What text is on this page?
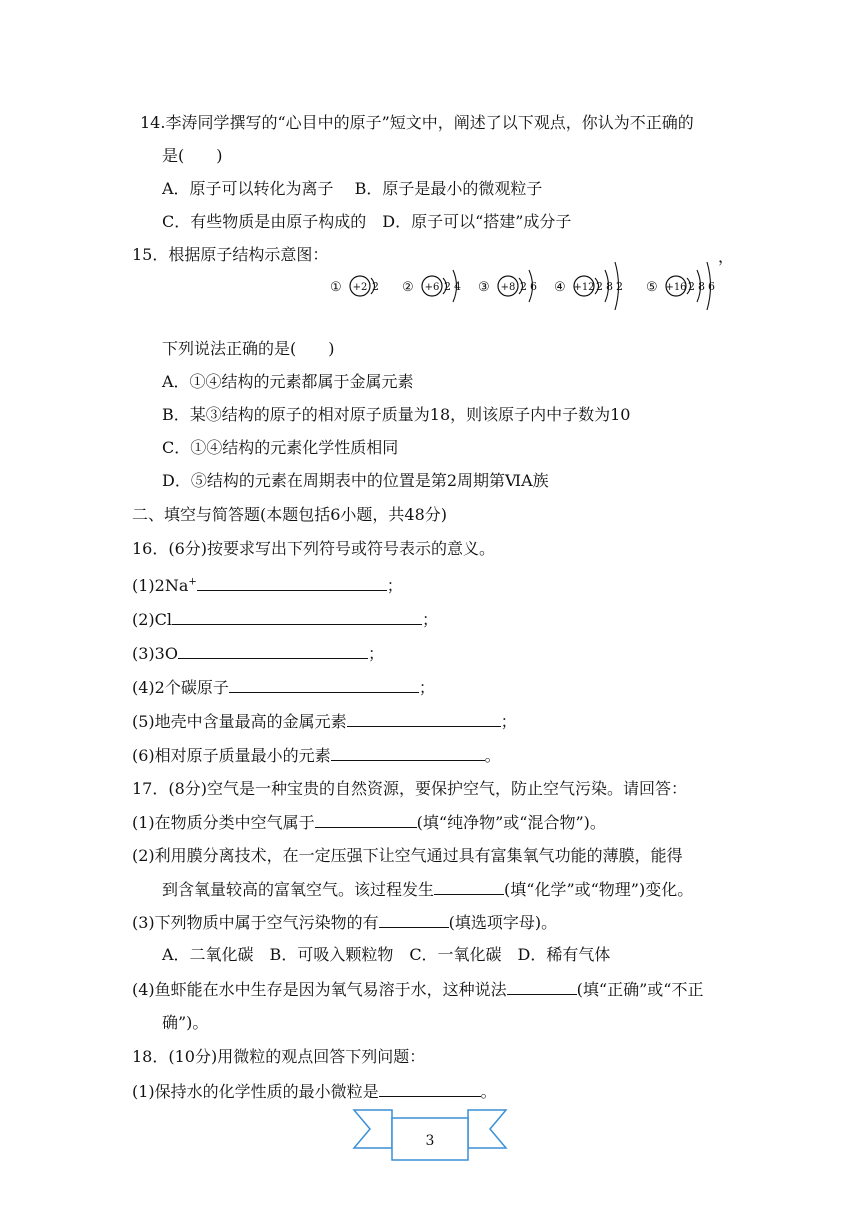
14.李涛同学撰写的“心目中的原子”短文中，阐述了以下观点，你认为不正确的
是(　　)
A．原子可以转化为离子　 B．原子是最小的微观粒子
C．有些物质是由原子构成的　D．原子可以“搭建”成分子
15．根据原子结构示意图：	，
① +2 2 ② +6 2 4 ③ +8 2 6 ④ +12 2 8 2 ⑤ +16 2 8 6
下列说法正确的是(　　)
A．①④结构的元素都属于金属元素
B．某③结构的原子的相对原子质量为18，则该原子内中子数为10
C．①④结构的元素化学性质相同
D．⑤结构的元素在周期表中的位置是第2周期第ⅥA族
二、填空与简答题(本题包括6小题，共48分)
16．(6分)按要求写出下列符号或符号表示的意义。
(1)2Na+	；
(2)Cl	；
(3)3O	；
(4)2个碳原子	；
(5)地壳中含量最高的金属元素	；
(6)相对原子质量最小的元素	。
17．(8分)空气是一种宝贵的自然资源，要保护空气，防止空气污染。请回答：
(1)在物质分类中空气属于	(填“纯净物”或“混合物”)。
(2)利用膜分离技术，在一定压强下让空气通过具有富集氧气功能的薄膜，能得
到含氧量较高的富氧空气。该过程发生	(填“化学”或“物理”)变化。
(3)下列物质中属于空气污染物的有	(填选项字母)。
A．二氧化碳　B．可吸入颗粒物　C．一氧化碳　D．稀有气体
(4)鱼虾能在水中生存是因为氧气易溶于水，这种说法	(填“正确”或“不正
确”)。
18．(10分)用微粒的观点回答下列问题：
(1)保持水的化学性质的最小微粒是	。
3
